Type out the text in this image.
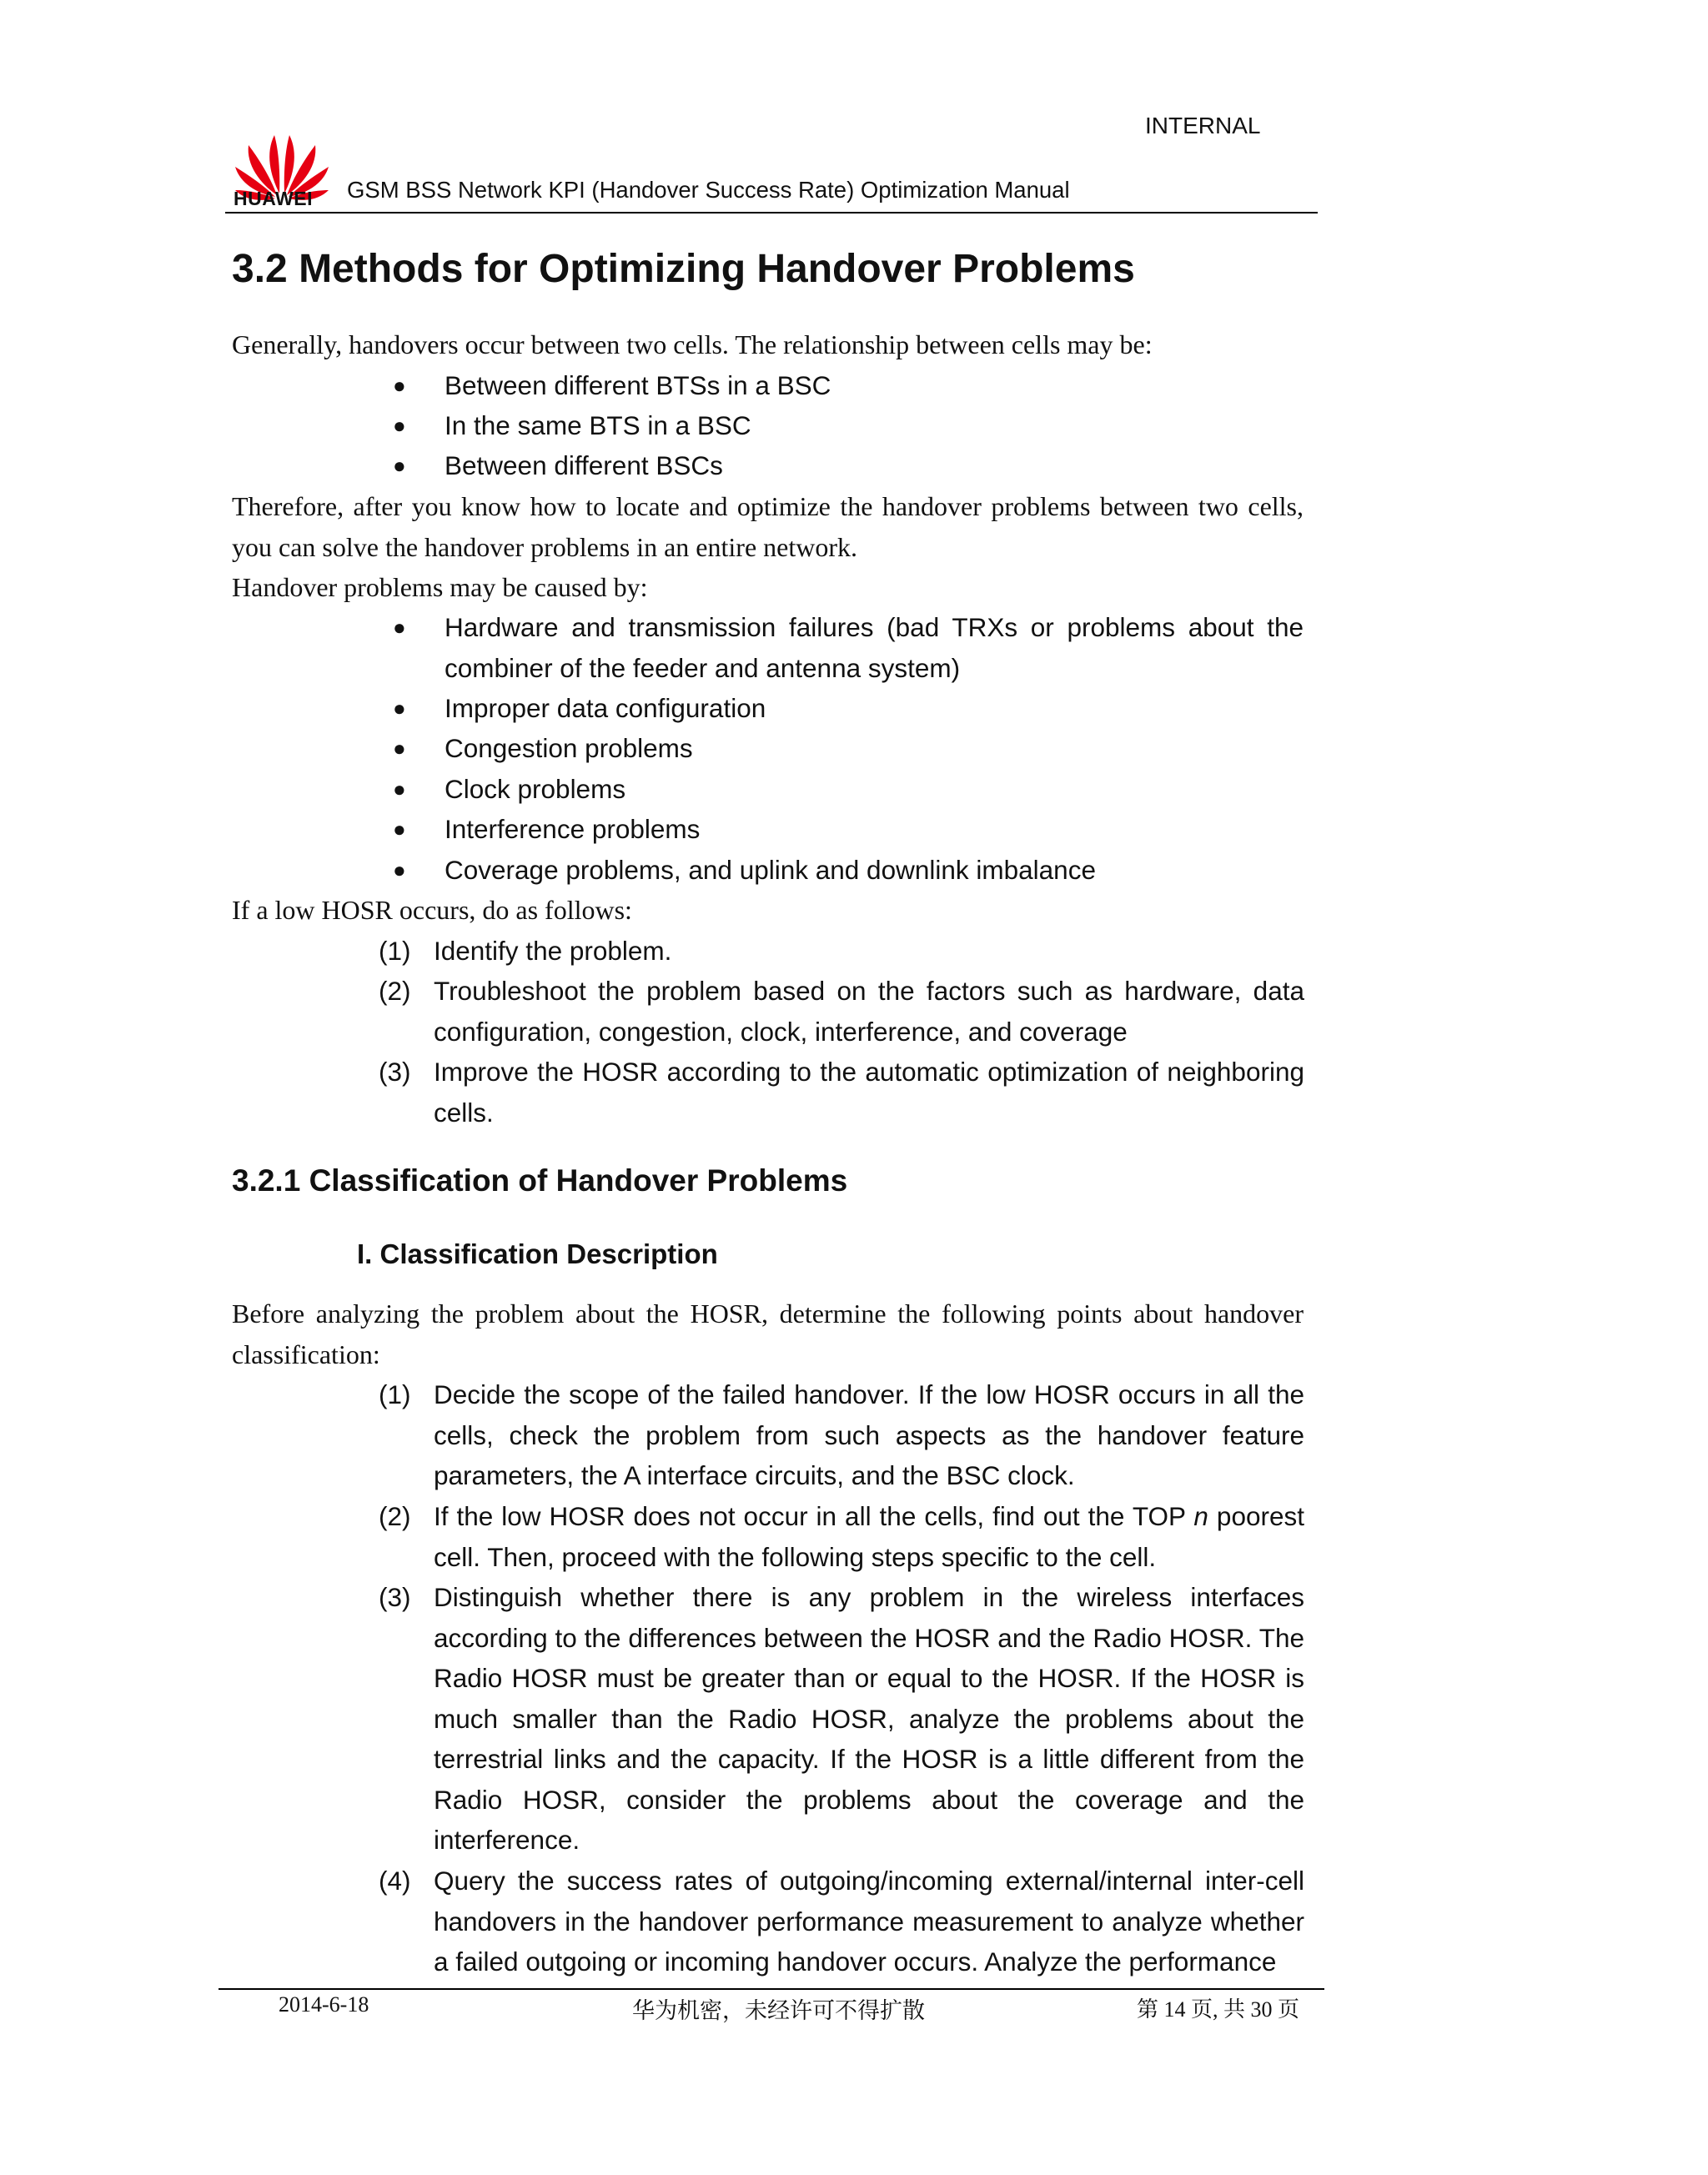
INTERNAL
HUAWEI GSM BSS Network KPI (Handover Success Rate) Optimization Manual
3.2 Methods for Optimizing Handover Problems
Generally, handovers occur between two cells. The relationship between cells may be:
● Between different BTSs in a BSC
● In the same BTS in a BSC
● Between different BSCs
Therefore, after you know how to locate and optimize the handover problems between two cells, you can solve the handover problems in an entire network.
Handover problems may be caused by:
● Hardware and transmission failures (bad TRXs or problems about the combiner of the feeder and antenna system)
● Improper data configuration
● Congestion problems
● Clock problems
● Interference problems
● Coverage problems, and uplink and downlink imbalance
If a low HOSR occurs, do as follows:
(1) Identify the problem.
(2) Troubleshoot the problem based on the factors such as hardware, data configuration, congestion, clock, interference, and coverage
(3) Improve the HOSR according to the automatic optimization of neighboring cells.
3.2.1 Classification of Handover Problems
I. Classification Description
Before analyzing the problem about the HOSR, determine the following points about handover classification:
(1) Decide the scope of the failed handover. If the low HOSR occurs in all the cells, check the problem from such aspects as the handover feature parameters, the A interface circuits, and the BSC clock.
(2) If the low HOSR does not occur in all the cells, find out the TOP n poorest cell. Then, proceed with the following steps specific to the cell.
(3) Distinguish whether there is any problem in the wireless interfaces according to the differences between the HOSR and the Radio HOSR. The Radio HOSR must be greater than or equal to the HOSR. If the HOSR is much smaller than the Radio HOSR, analyze the problems about the terrestrial links and the capacity. If the HOSR is a little different from the Radio HOSR, consider the problems about the coverage and the interference.
(4) Query the success rates of outgoing/incoming external/internal inter-cell handovers in the handover performance measurement to analyze whether a failed outgoing or incoming handover occurs. Analyze the performance
2014-6-18	华为机密，未经许可不得扩散	第 14 页, 共 30 页
